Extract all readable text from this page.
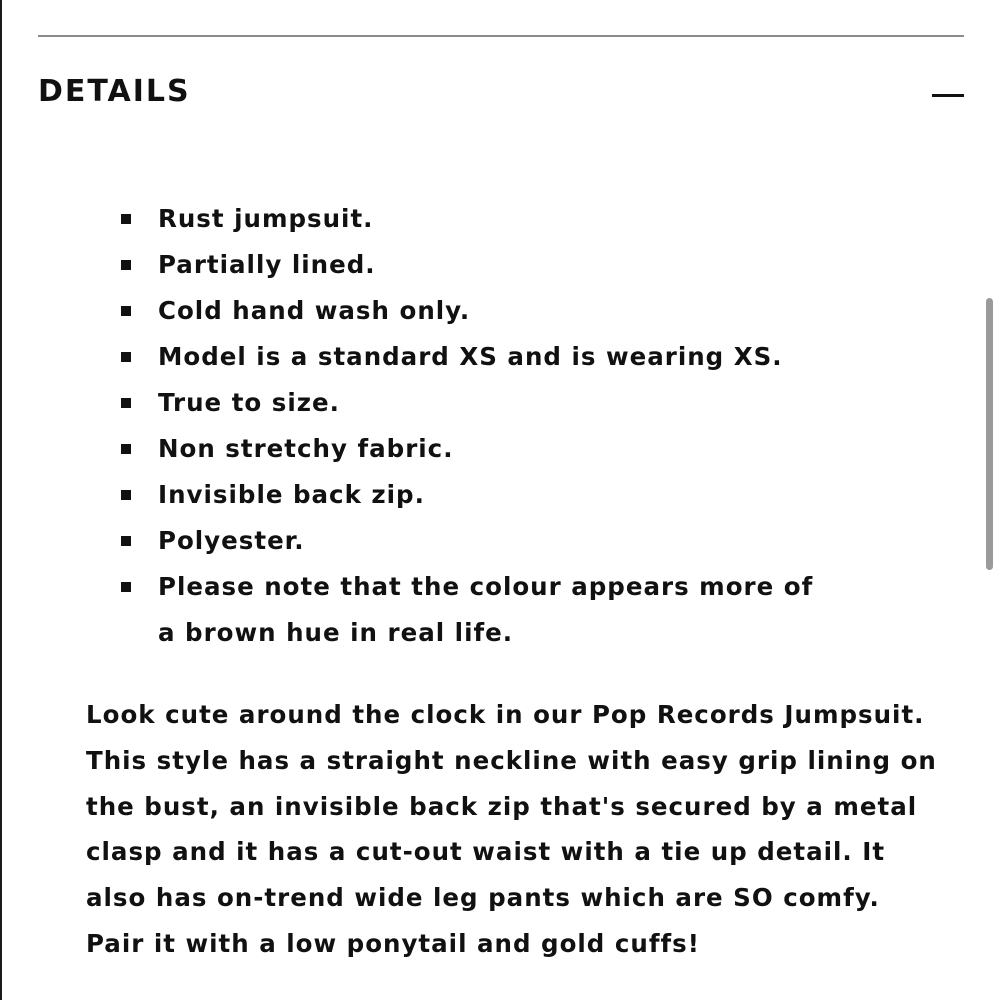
DETAILS
Rust jumpsuit.
Partially lined.
Cold hand wash only.
Model is a standard XS and is wearing XS.
True to size.
Non stretchy fabric.
Invisible back zip.
Polyester.
Please note that the colour appears more of a brown hue in real life.

Look cute around the clock in our Pop Records Jumpsuit. This style has a straight neckline with easy grip lining on the bust, an invisible back zip that's secured by a metal clasp and it has a cut-out waist with a tie up detail. It also has on-trend wide leg pants which are SO comfy. Pair it with a low ponytail and gold cuffs!
